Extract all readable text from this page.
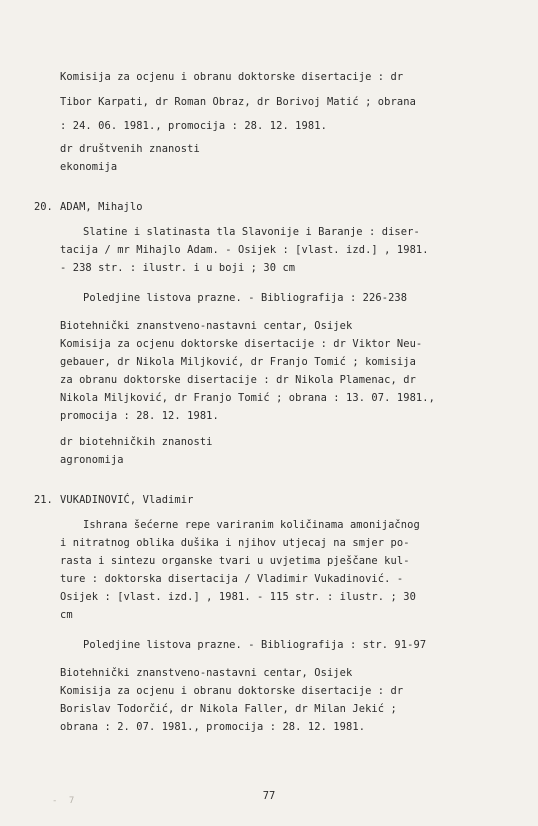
Komisija za ocjenu i obranu doktorske disertacije : dr
Tibor Karpati, dr Roman Obraz, dr Borivoj Matić ; obrana
: 24. 06. 1981., promocija : 28. 12. 1981.
dr društvenih znanosti
ekonomija
20. ADAM, Mihajlo
Slatine i slatinasta tla Slavonije i Baranje : diser-
tacija / mr Mihajlo Adam. - Osijek : [vlast. izd.] , 1981.
- 238 str. : ilustr. i u boji ; 30 cm
Poledjine listova prazne. - Bibliografija : 226-238
Biotehnički znanstveno-nastavni centar, Osijek
Komisija za ocjenu doktorske disertacije : dr Viktor Neu-
gebauer, dr Nikola Miljković, dr Franjo Tomić ; komisija
za obranu doktorske disertacije : dr Nikola Plamenac, dr
Nikola Miljković, dr Franjo Tomić ; obrana : 13. 07. 1981.,
promocija : 28. 12. 1981.
dr biotehničkih znanosti
agronomija
21. VUKADINOVIĆ, Vladimir
Ishrana šećerne repe variranim količinama amonijačnog
i nitratnog oblika dušika i njihov utjecaj na smjer po-
rasta i sintezu organske tvari u uvjetima pješčane kul-
ture : doktorska disertacija / Vladimir Vukadinović. -
Osijek : [vlast. izd.] , 1981. - 115 str. : ilustr. ; 30
cm
Poledjine listova prazne. - Bibliografija : str. 91-97
Biotehnički znanstveno-nastavni centar, Osijek
Komisija za ocjenu i obranu doktorske disertacije : dr
Borislav Todorčić, dr Nikola Faller, dr Milan Jekić ;
obrana : 2. 07. 1981., promocija : 28. 12. 1981.
77
- 7
